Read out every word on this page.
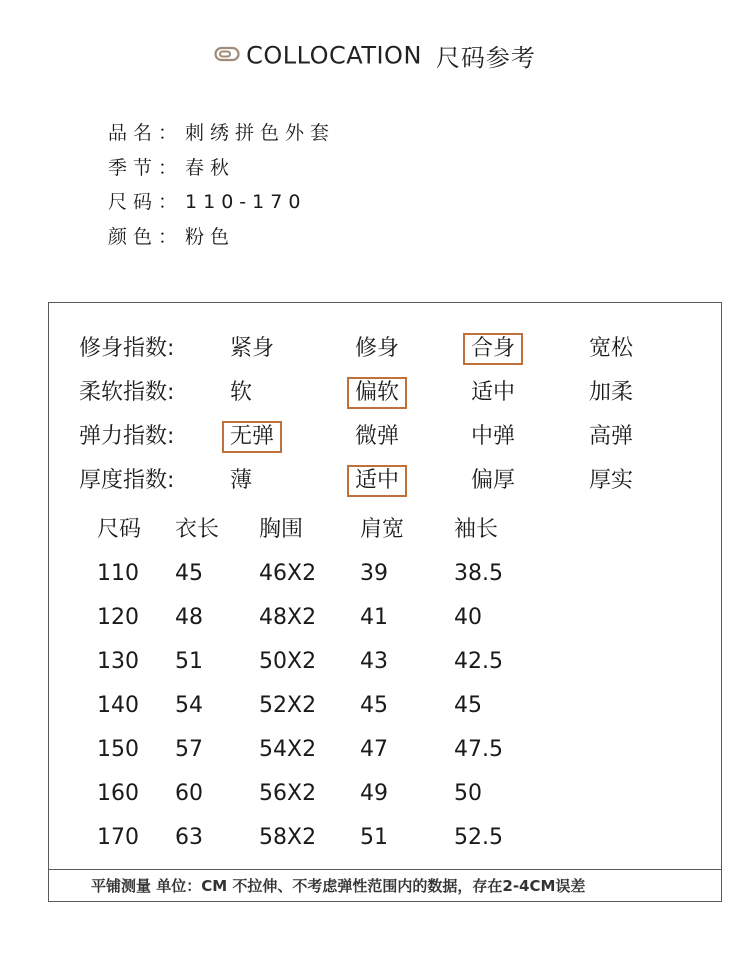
COLLOCATION 尺码参考
品名： 刺绣拼色外套
季节： 春秋
尺码： 110-170
颜色： 粉色
修身指数:	紧身	修身	合身	宽松
柔软指数:	软	偏软	适中	加柔
弹力指数:	无弹	微弹	中弹	高弹
厚度指数:	薄	适中	偏厚	厚实
尺码 衣长 胸围	肩宽 袖长
110 45	46X2 39	38.5
120 48	48X2 41	40
130 51	50X2 43	42.5
140 54	52X2 45	45
150 57	54X2 47	47.5
160 60	56X2 49	50
170 63	58X2 51	52.5
平铺测量 单位：CM 不拉伸、不考虑弹性范围内的数据，存在2-4CM误差
